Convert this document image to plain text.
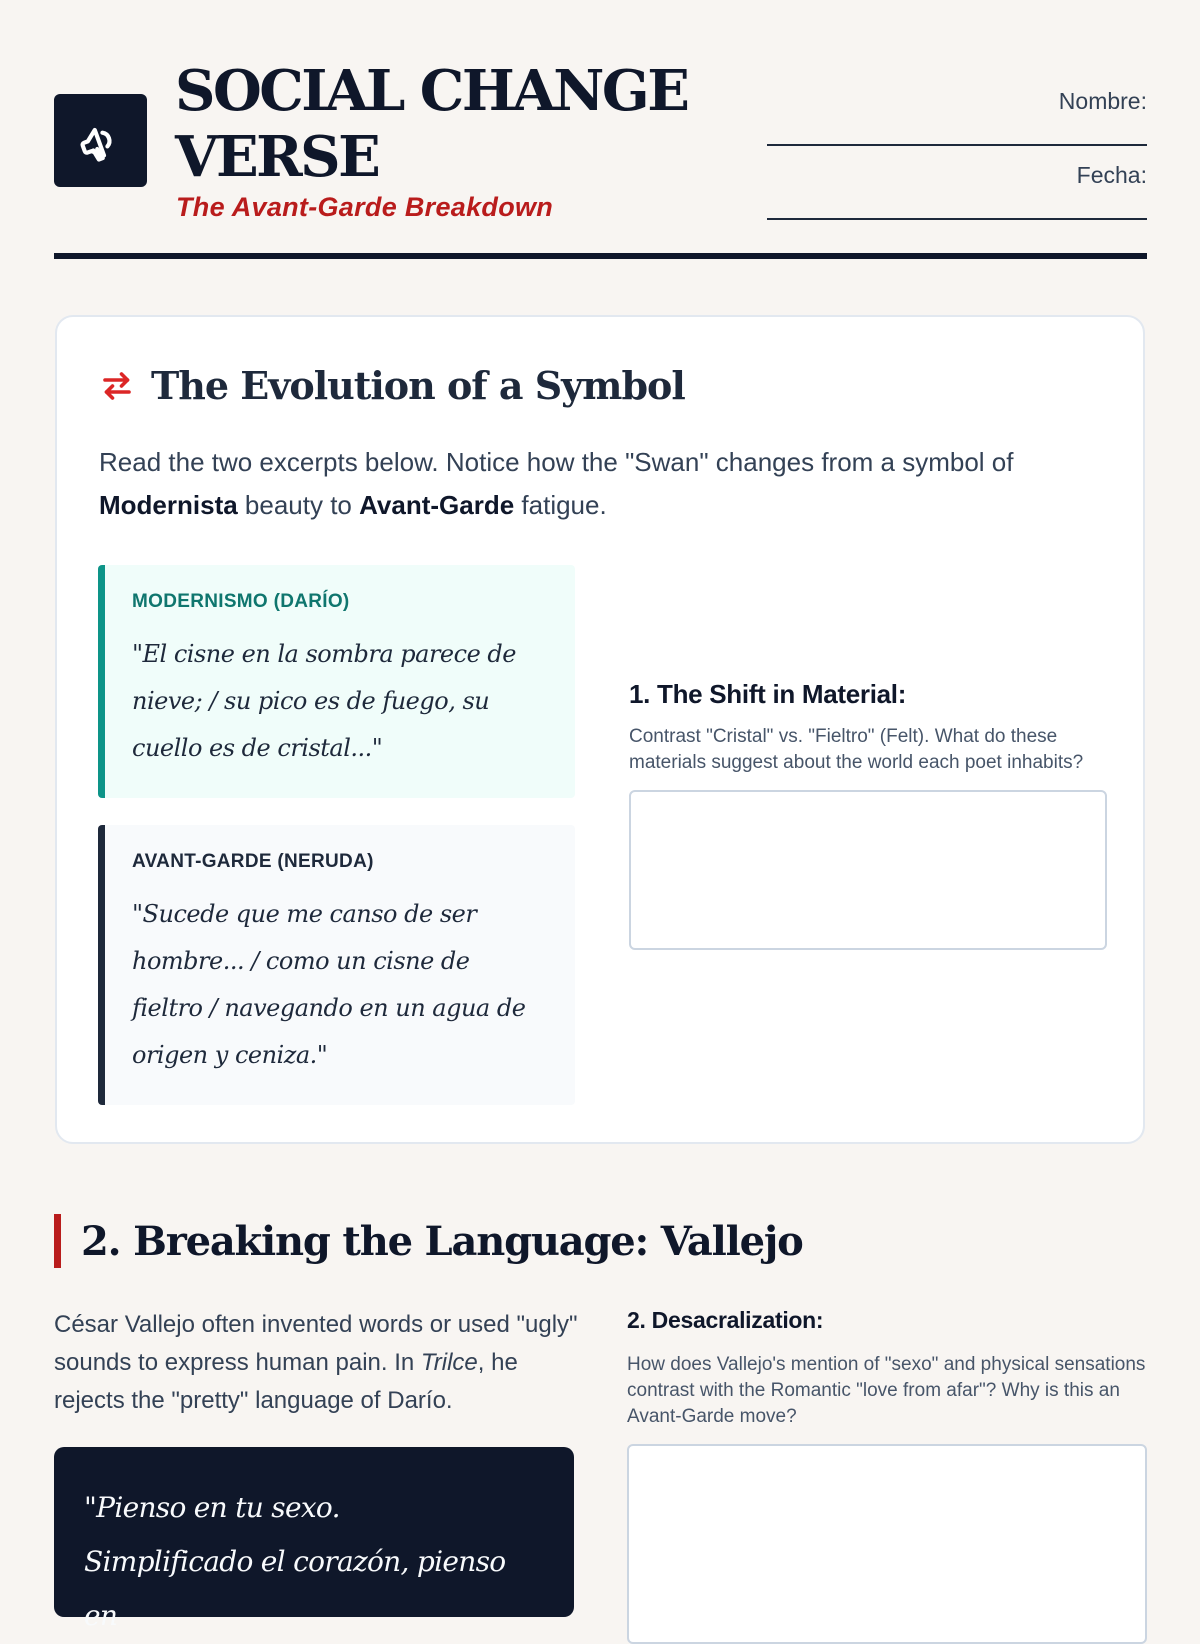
SOCIAL CHANGE VERSE
The Avant-Garde Breakdown
Nombre:
Fecha:
The Evolution of a Symbol
Read the two excerpts below. Notice how the "Swan" changes from a symbol of Modernista beauty to Avant-Garde fatigue.
MODERNISMO (DARÍO)
"El cisne en la sombra parece de nieve; / su pico es de fuego, su cuello es de cristal..."
AVANT-GARDE (NERUDA)
"Sucede que me canso de ser hombre... / como un cisne de fieltro / navegando en un agua de origen y ceniza."
1. The Shift in Material:
Contrast "Cristal" vs. "Fieltro" (Felt). What do these materials suggest about the world each poet inhabits?
2. Breaking the Language: Vallejo
César Vallejo often invented words or used "ugly" sounds to express human pain. In Trilce, he rejects the "pretty" language of Darío.
"Pienso en tu sexo.
Simplificado el corazón, pienso en
2. Desacralization:
How does Vallejo's mention of "sexo" and physical sensations contrast with the Romantic "love from afar"? Why is this an Avant-Garde move?
